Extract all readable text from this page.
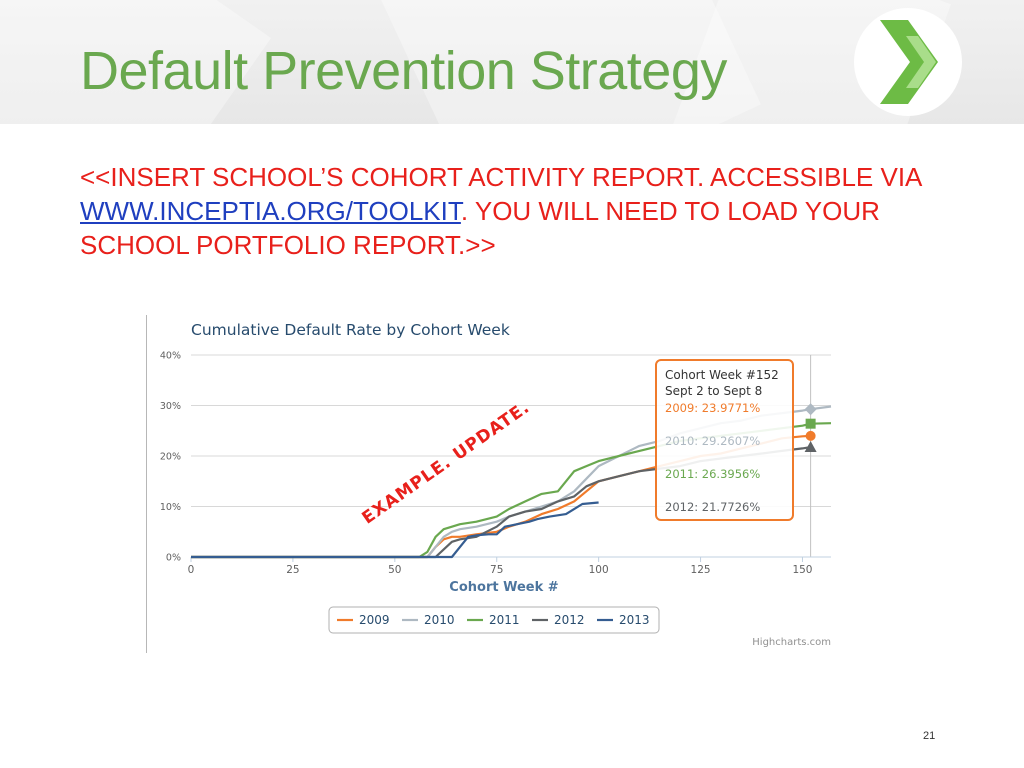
Default Prevention Strategy

<<INSERT SCHOOL’S COHORT ACTIVITY REPORT. ACCESSIBLE VIA WWW.INCEPTIA.ORG/TOOLKIT. YOU WILL NEED TO LOAD YOUR SCHOOL PORTFOLIO REPORT.>>

Cumulative Default Rate by Cohort Week
0%
10%
20%
30%
40%
0	25	50	75	100	125	150
Cohort Week #
EXAMPLE. UPDATE.
Cohort Week #152
Sept 2 to Sept 8
2009: 23.9771%
2010: 29.2607%
2011: 26.3956%
2012: 21.7726%
2009	2010	2011	2012	2013
Highcharts.com
21
